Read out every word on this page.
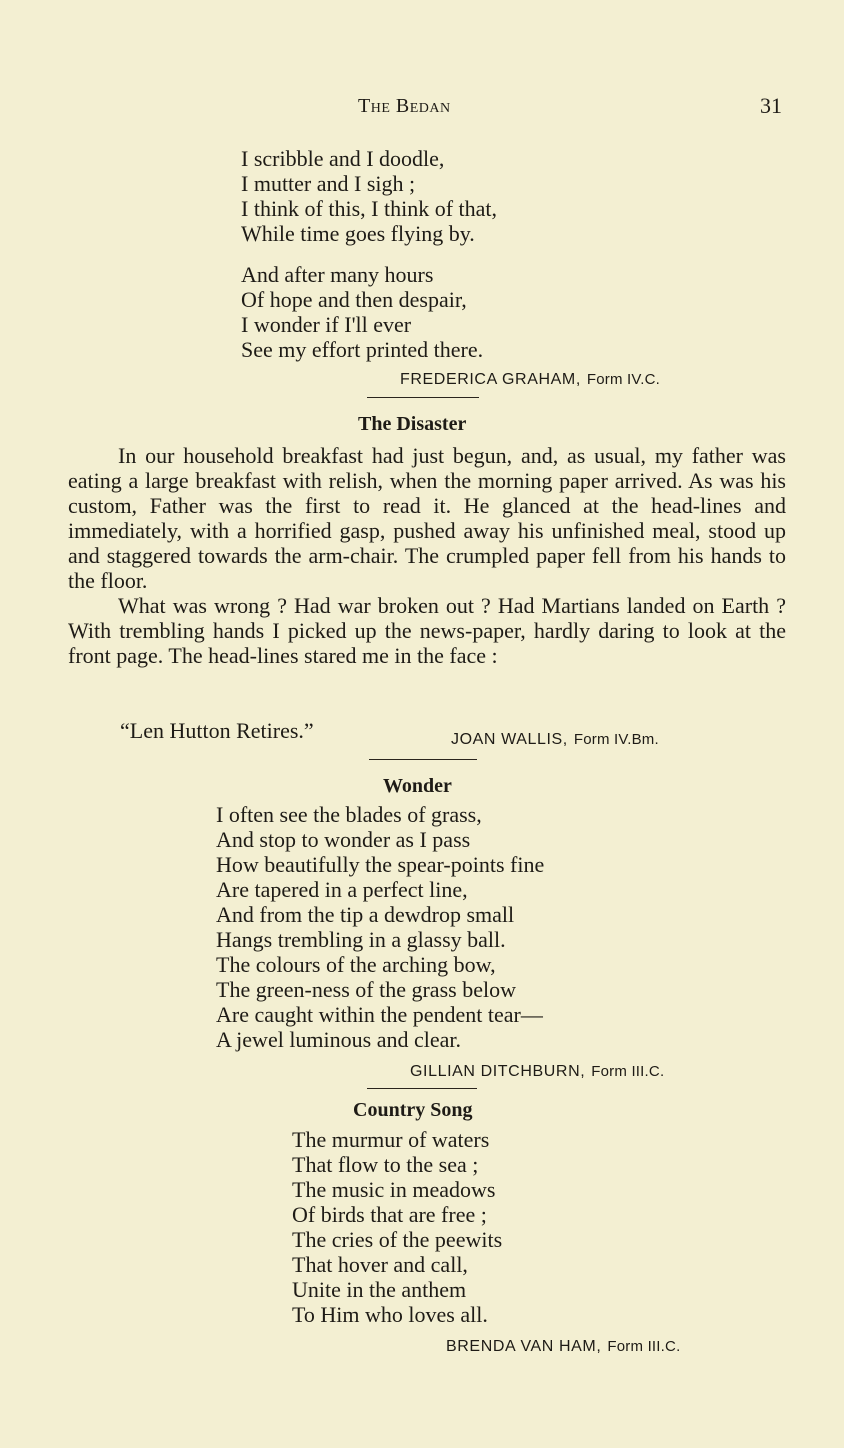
The Bedan	31
I scribble and I doodle,
I mutter and I sigh ;
I think of this, I think of that,
While time goes flying by.
And after many hours
Of hope and then despair,
I wonder if I'll ever
See my effort printed there.
FREDERICA GRAHAM, Form IV.C.
The Disaster

In our household breakfast had just begun, and, as usual, my father was eating a large breakfast with relish, when the morning paper arrived. As was his custom, Father was the first to read it. He glanced at the head-lines and immediately, with a horrified gasp, pushed away his unfinished meal, stood up and staggered towards the arm-chair. The crumpled paper fell from his hands to the floor.

What was wrong ? Had war broken out ? Had Martians landed on Earth ? With trembling hands I picked up the news-paper, hardly daring to look at the front page. The head-lines stared me in the face :

“Len Hutton Retires.”	JOAN WALLIS, Form IV.Bm.
Wonder
I often see the blades of grass,
And stop to wonder as I pass
How beautifully the spear-points fine
Are tapered in a perfect line,
And from the tip a dewdrop small
Hangs trembling in a glassy ball.
The colours of the arching bow,
The green-ness of the grass below
Are caught within the pendent tear—
A jewel luminous and clear.
GILLIAN DITCHBURN, Form III.C.
Country Song
The murmur of waters
That flow to the sea ;
The music in meadows
Of birds that are free ;
The cries of the peewits
That hover and call,
Unite in the anthem
To Him who loves all.
BRENDA VAN HAM, Form III.C.
